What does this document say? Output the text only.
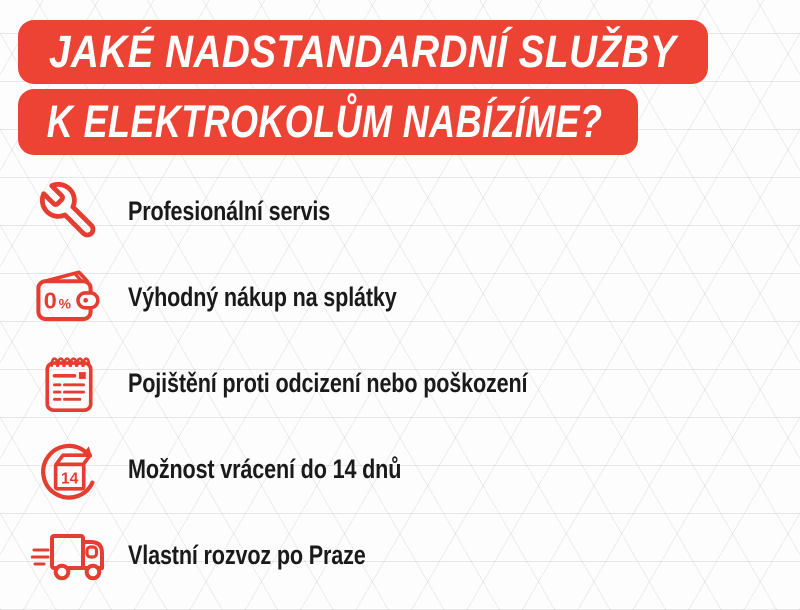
JAKÉ NADSTANDARDNÍ SLUŽBY
K ELEKTROKOLŮM NABÍZÍME?
Profesionální servis
0 % Výhodný nákup na splátky
Pojištění proti odcizení nebo poškození
14 Možnost vrácení do 14 dnů
Vlastní rozvoz po Praze
